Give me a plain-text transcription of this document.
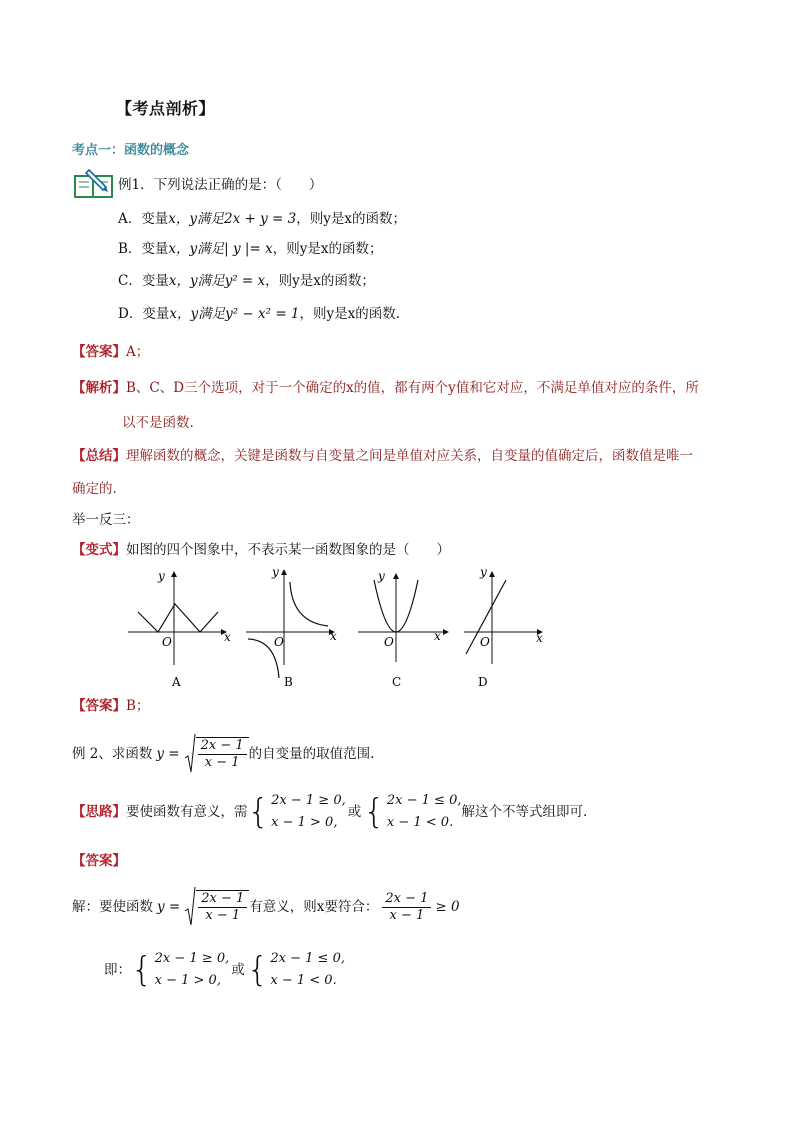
【考点剖析】
考点一：函数的概念
例1．下列说法正确的是：（　　）
A．变量x，y满足2x + y = 3，则y是x的函数；
B．变量x，y满足| y |= x，则y是x的函数；
C．变量x，y满足y² = x，则y是x的函数；
D．变量x，y满足y² − x² = 1，则y是x的函数.
【答案】A；
【解析】B、C、D三个选项，对于一个确定的x的值，都有两个y值和它对应，不满足单值对应的条件，所
以不是函数.
【总结】理解函数的概念，关键是函数与自变量之间是单值对应关系，自变量的值确定后，函数值是唯一
确定的.
举一反三：
【变式】如图的四个图象中，不表示某一函数图象的是（　　）
y
x
O
A
y
x
O
B
y
x
O
C
y
x
O
D
【答案】B；
例 2、求函数 $y = \frac{2x - 1}{x - 1}$ 的自变量的取值范围.
【思路】 要使函数有意义，需 { 2x − 1 ≥ 0,
x − 1 > 0,
或 { 2x − 1 ≤ 0,
x − 1 < 0.
解这个不等式组即可.
【答案】
解：要使函数 $y = \frac{2x - 1}{x - 1}$ 有意义，则x要符合： $\frac{2x - 1}{x - 1} \ge 0$
即： { 2x − 1 ≥ 0,
x − 1 > 0,
或 { 2x − 1 ≤ 0,
x − 1 < 0.
